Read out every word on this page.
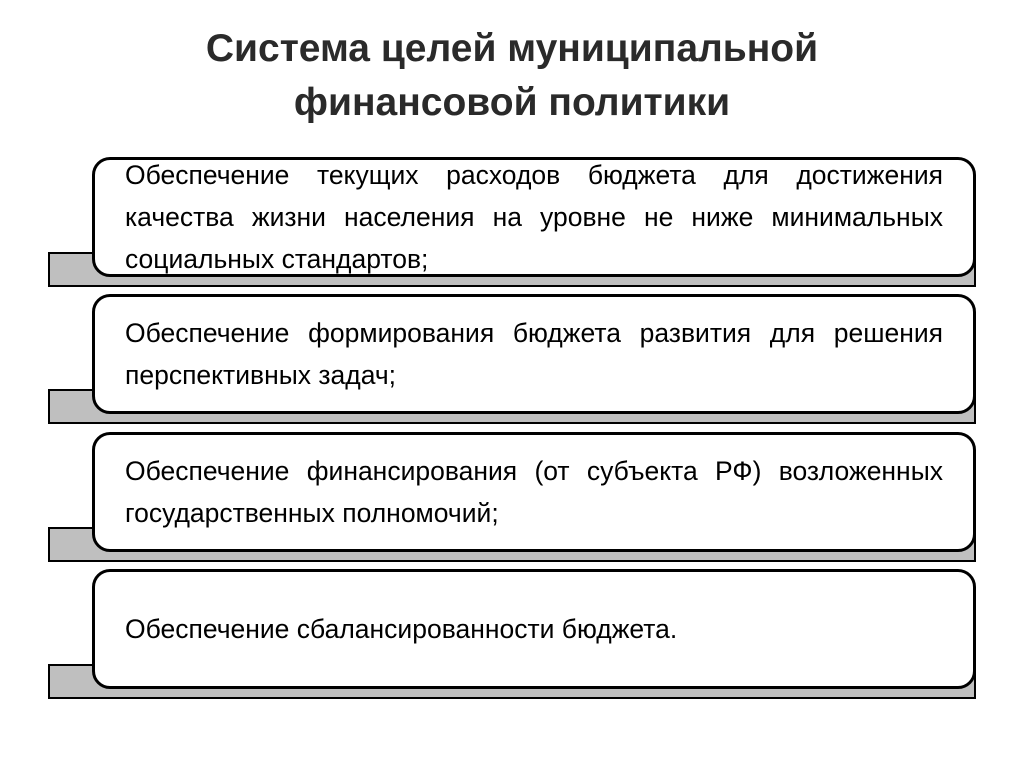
Система целей муниципальной
финансовой политики
Обеспечение текущих расходов бюджета для достижения качества жизни населения на уровне не ниже минимальных социальных стандартов;
Обеспечение формирования бюджета развития для решения перспективных задач;
Обеспечение финансирования (от субъекта РФ) возложенных государственных полномочий;
Обеспечение сбалансированности бюджета.
